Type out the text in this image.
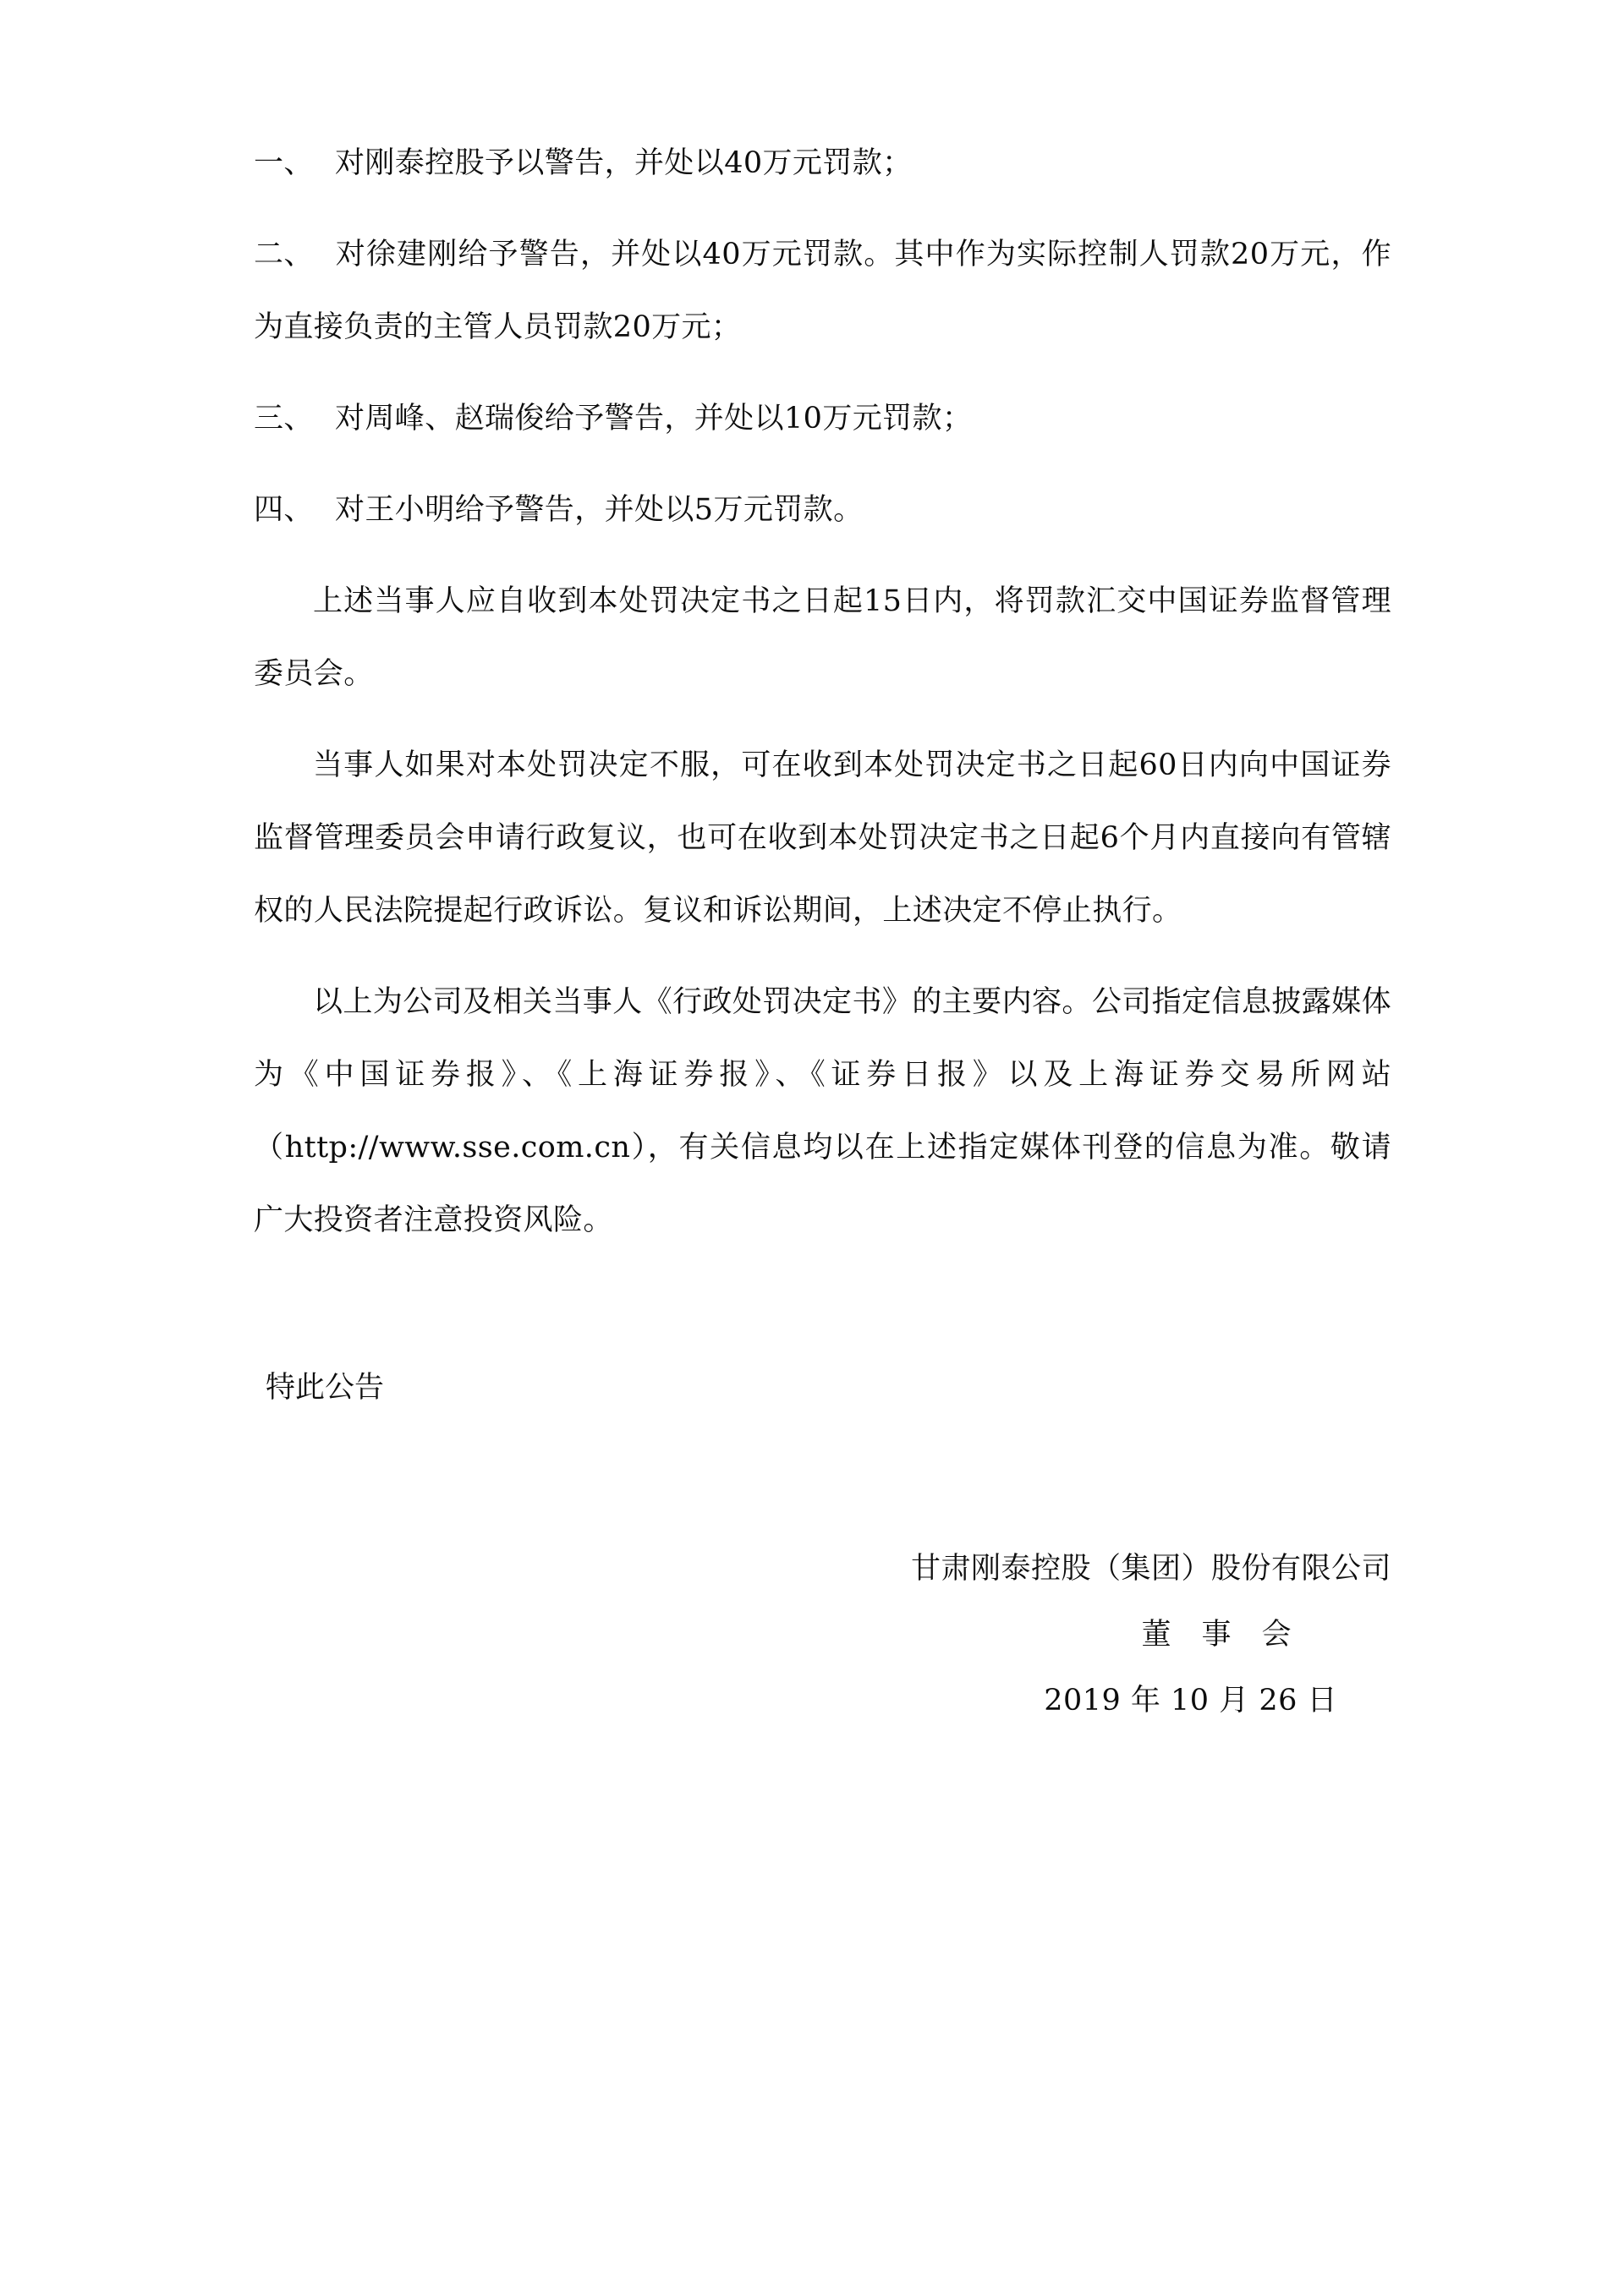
一、 对刚泰控股予以警告，并处以40万元罚款；

二、 对徐建刚给予警告，并处以40万元罚款。其中作为实际控制人罚款20万元，作为直接负责的主管人员罚款20万元；

三、 对周峰、赵瑞俊给予警告，并处以10万元罚款；

四、 对王小明给予警告，并处以5万元罚款。

上述当事人应自收到本处罚决定书之日起15日内，将罚款汇交中国证券监督管理委员会。

当事人如果对本处罚决定不服，可在收到本处罚决定书之日起60日内向中国证券监督管理委员会申请行政复议，也可在收到本处罚决定书之日起6个月内直接向有管辖权的人民法院提起行政诉讼。复议和诉讼期间，上述决定不停止执行。

以上为公司及相关当事人《行政处罚决定书》的主要内容。公司指定信息披露媒体为《中国证券报》、《上海证券报》、《证券日报》以及上海证券交易所网站（http://www.sse.com.cn），有关信息均以在上述指定媒体刊登的信息为准。敬请广大投资者注意投资风险。

特此公告

甘肃刚泰控股（集团）股份有限公司
董　事　会
2019 年 10 月 26 日
